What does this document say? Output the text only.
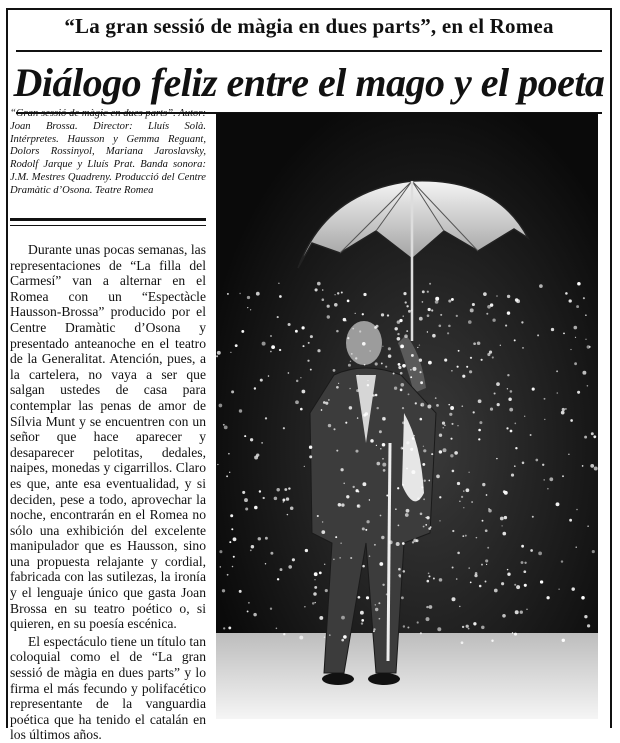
“La gran sessió de màgia en dues parts”, en el Romea
Diálogo feliz entre el mago y el poeta
“Gran sessió de màgic en dues parts”. Autor: Joan Brossa. Director: Lluís Solà. Intérpretes. Hausson y Gemma Reguant, Dolors Rossinyol, Mariana Jaroslavsky, Rodolf Jarque y Lluís Prat. Banda sonora: J.M. Mestres Quadreny. Producció del Centre Dramàtic d’Osona. Teatre Romea

Durante unas pocas semanas, las representaciones de “La filla del Carmesí” van a alternar en el Romea con un “Espectàcle Hausson-Brossa” producido por el Centre Dramàtic d’Osona y presentado anteanoche en el teatro de la Generalitat. Atención, pues, a la cartelera, no vaya a ser que salgan ustedes de casa para contemplar las penas de amor de Sílvia Munt y se encuentren con un señor que hace aparecer y desaparecer pelotitas, dedales, naipes, monedas y cigarrillos. Claro es que, ante esa eventualidad, y si deciden, pese a todo, aprovechar la noche, encontrarán en el Romea no sólo una exhibición del excelente manipulador que es Hausson, sino una propuesta relajante y cordial, fabricada con las sutilezas, la ironía y el lenguaje único que gasta Joan Brossa en su teatro poético o, si quieren, en su poesía escénica.

El espectáculo tiene un título tan coloquial como el de “La gran sessió de màgia en dues parts” y lo firma el más fecundo y polifacético representante de la vanguardia poética que ha tenido el catalán en los últimos años.
